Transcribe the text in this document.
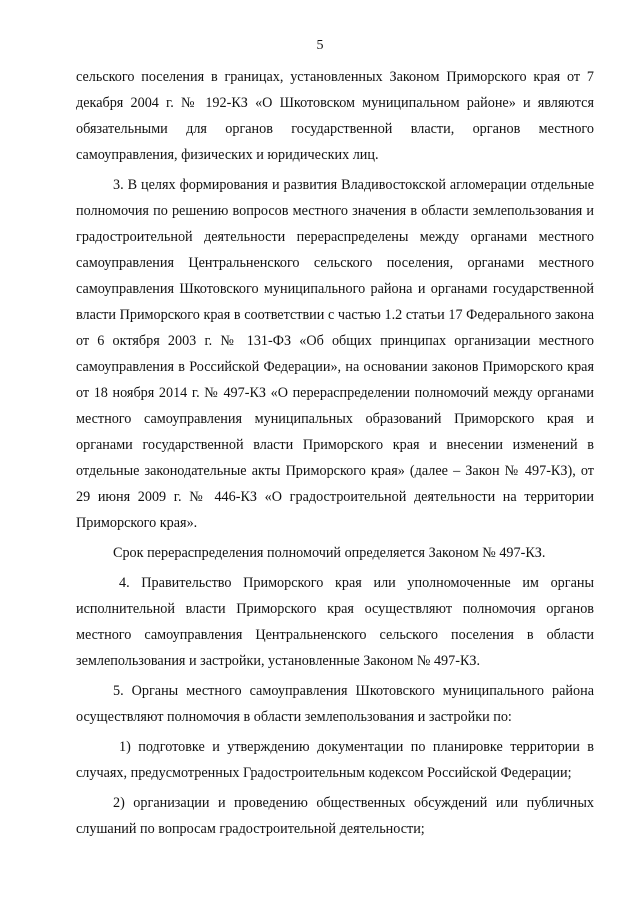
5

сельского поселения в границах, установленных Законом Приморского края от 7 декабря 2004 г. № 192-КЗ «О Шкотовском муниципальном районе» и являются обязательными для органов государственной власти, органов местного самоуправления, физических и юридических лиц.

3. В целях формирования и развития Владивостокской агломерации отдельные полномочия по решению вопросов местного значения в области землепользования и градостроительной деятельности перераспределены между органами местного самоуправления Центральненского сельского поселения, органами местного самоуправления Шкотовского муниципального района и органами государственной власти Приморского края в соответствии с частью 1.2 статьи 17 Федерального закона от 6 октября 2003 г. № 131-ФЗ «Об общих принципах организации местного самоуправления в Российской Федерации», на основании законов Приморского края от 18 ноября 2014 г. № 497-КЗ «О перераспределении полномочий между органами местного самоуправления муниципальных образований Приморского края и органами государственной власти Приморского края и внесении изменений в отдельные законодательные акты Приморского края» (далее – Закон № 497-КЗ), от 29 июня 2009 г. № 446-КЗ «О градостроительной деятельности на территории Приморского края».

Срок перераспределения полномочий определяется Законом № 497-КЗ.

4. Правительство Приморского края или уполномоченные им органы исполнительной власти Приморского края осуществляют полномочия органов местного самоуправления Центральненского сельского поселения в области землепользования и застройки, установленные Законом № 497-КЗ.

5. Органы местного самоуправления Шкотовского муниципального района осуществляют полномочия в области землепользования и застройки по:

1) подготовке и утверждению документации по планировке территории в случаях, предусмотренных Градостроительным кодексом Российской Федерации;

2) организации и проведению общественных обсуждений или публичных слушаний по вопросам градостроительной деятельности;
